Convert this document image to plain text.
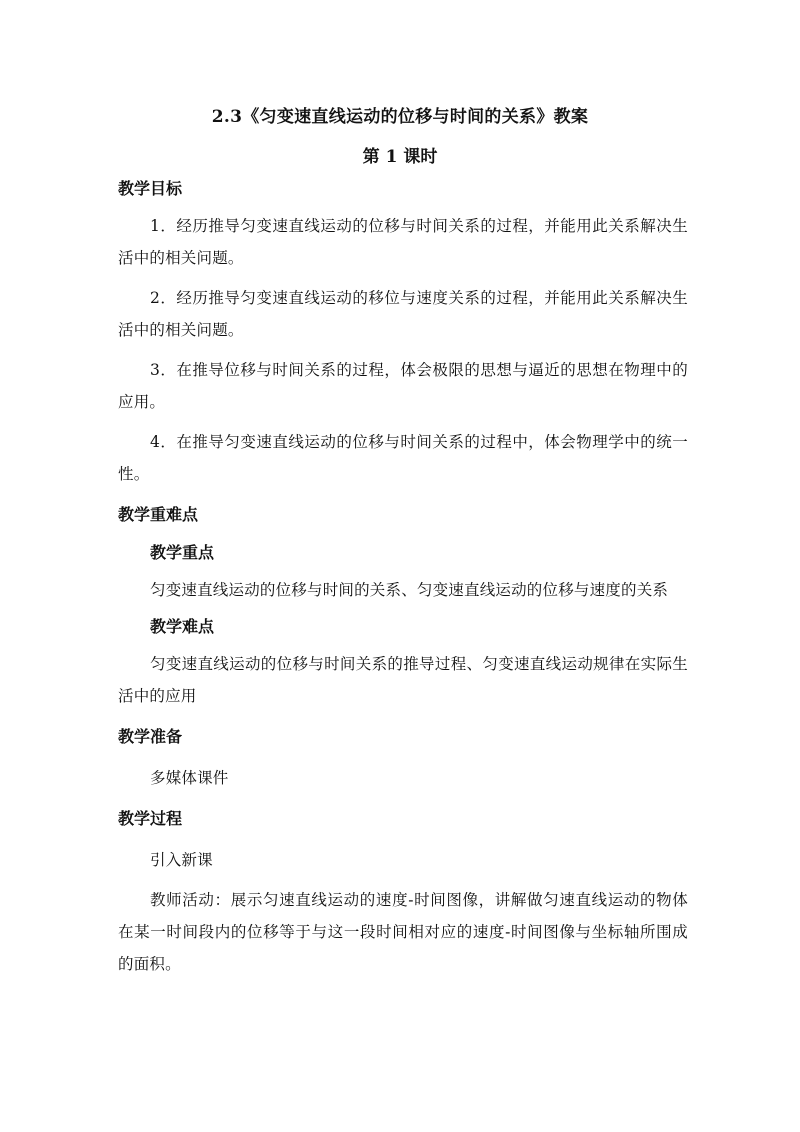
2.3《匀变速直线运动的位移与时间的关系》教案
第 1 课时
教学目标

1．经历推导匀变速直线运动的位移与时间关系的过程，并能用此关系解决生活中的相关问题。

2．经历推导匀变速直线运动的移位与速度关系的过程，并能用此关系解决生活中的相关问题。

3．在推导位移与时间关系的过程，体会极限的思想与逼近的思想在物理中的应用。

4．在推导匀变速直线运动的位移与时间关系的过程中，体会物理学中的统一性。

教学重难点
教学重点

匀变速直线运动的位移与时间的关系、匀变速直线运动的位移与速度的关系

教学难点

匀变速直线运动的位移与时间关系的推导过程、匀变速直线运动规律在实际生活中的应用

教学准备

多媒体课件

教学过程

引入新课

教师活动：展示匀速直线运动的速度-时间图像，讲解做匀速直线运动的物体在某一时间段内的位移等于与这一段时间相对应的速度-时间图像与坐标轴所围成的面积。
